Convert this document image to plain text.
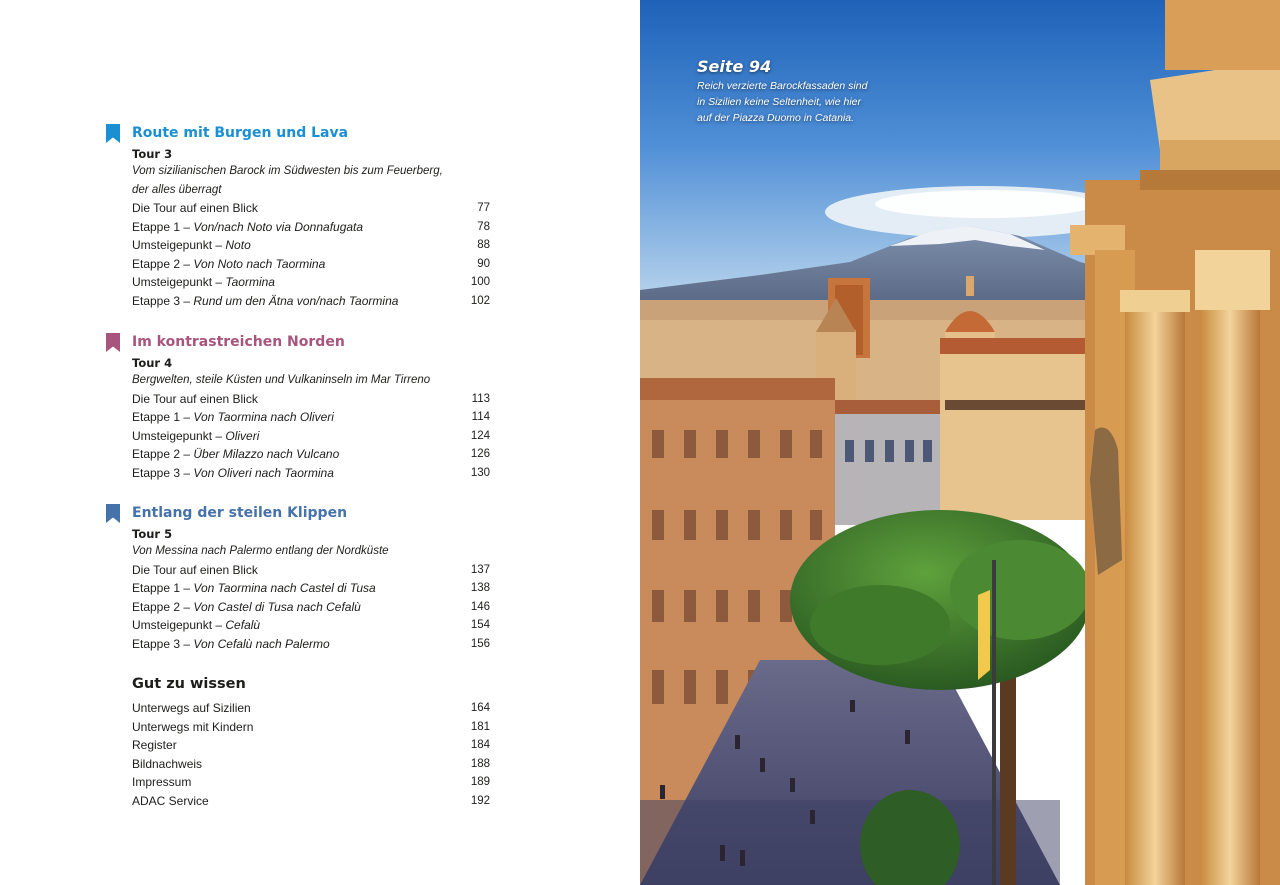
Route mit Burgen und Lava
Tour 3
Vom sizilianischen Barock im Südwesten bis zum Feuerberg, der alles überragt
Die Tour auf einen Blick	77
Etappe 1 – Von/nach Noto via Donnafugata	78
Umsteigepunkt – Noto	88
Etappe 2 – Von Noto nach Taormina	90
Umsteigepunkt – Taormina	100
Etappe 3 – Rund um den Ätna von/nach Taormina	102
Im kontrastreichen Norden
Tour 4
Bergwelten, steile Küsten und Vulkaninseln im Mar Tirreno
Die Tour auf einen Blick	113
Etappe 1 – Von Taormina nach Oliveri	114
Umsteigepunkt – Oliveri	124
Etappe 2 – Über Milazzo nach Vulcano	126
Etappe 3 – Von Oliveri nach Taormina	130
Entlang der steilen Klippen
Tour 5
Von Messina nach Palermo entlang der Nordküste
Die Tour auf einen Blick	137
Etappe 1 – Von Taormina nach Castel di Tusa	138
Etappe 2 – Von Castel di Tusa nach Cefalù	146
Umsteigepunkt – Cefalù	154
Etappe 3 – Von Cefalù nach Palermo	156
Gut zu wissen
Unterwegs auf Sizilien	164
Unterwegs mit Kindern	181
Register	184
Bildnachweis	188
Impressum	189
ADAC Service	192
Seite 94
Reich verzierte Barockfassaden sind in Sizilien keine Seltenheit, wie hier auf der Piazza Duomo in Catania.
